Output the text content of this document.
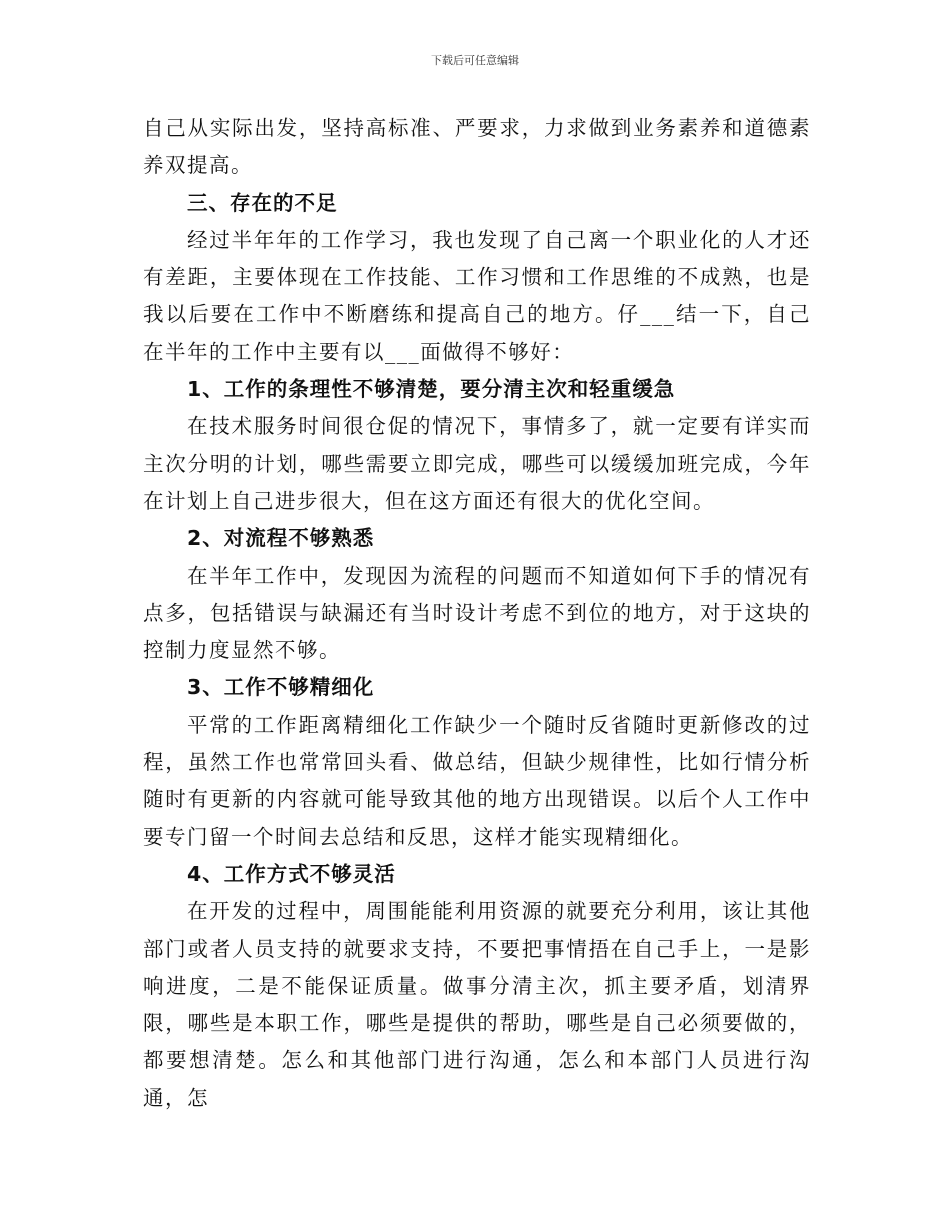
下载后可任意编辑

自己从实际出发，坚持高标准、严要求，力求做到业务素养和道德素养双提高。

三、存在的不足

经过半年年的工作学习，我也发现了自己离一个职业化的人才还有差距，主要体现在工作技能、工作习惯和工作思维的不成熟，也是我以后要在工作中不断磨练和提高自己的地方。仔___结一下，自己在半年的工作中主要有以___面做得不够好：

1、工作的条理性不够清楚，要分清主次和轻重缓急

在技术服务时间很仓促的情况下，事情多了，就一定要有详实而主次分明的计划，哪些需要立即完成，哪些可以缓缓加班完成，今年在计划上自己进步很大，但在这方面还有很大的优化空间。

2、对流程不够熟悉

在半年工作中，发现因为流程的问题而不知道如何下手的情况有点多，包括错误与缺漏还有当时设计考虑不到位的地方，对于这块的控制力度显然不够。

3、工作不够精细化

平常的工作距离精细化工作缺少一个随时反省随时更新修改的过程，虽然工作也常常回头看、做总结，但缺少规律性，比如行情分析随时有更新的内容就可能导致其他的地方出现错误。以后个人工作中要专门留一个时间去总结和反思，这样才能实现精细化。

4、工作方式不够灵活

在开发的过程中，周围能能利用资源的就要充分利用，该让其他部门或者人员支持的就要求支持，不要把事情捂在自己手上，一是影响进度，二是不能保证质量。做事分清主次，抓主要矛盾，划清界限，哪些是本职工作，哪些是提供的帮助，哪些是自己必须要做的，都要想清楚。怎么和其他部门进行沟通，怎么和本部门人员进行沟通，怎
